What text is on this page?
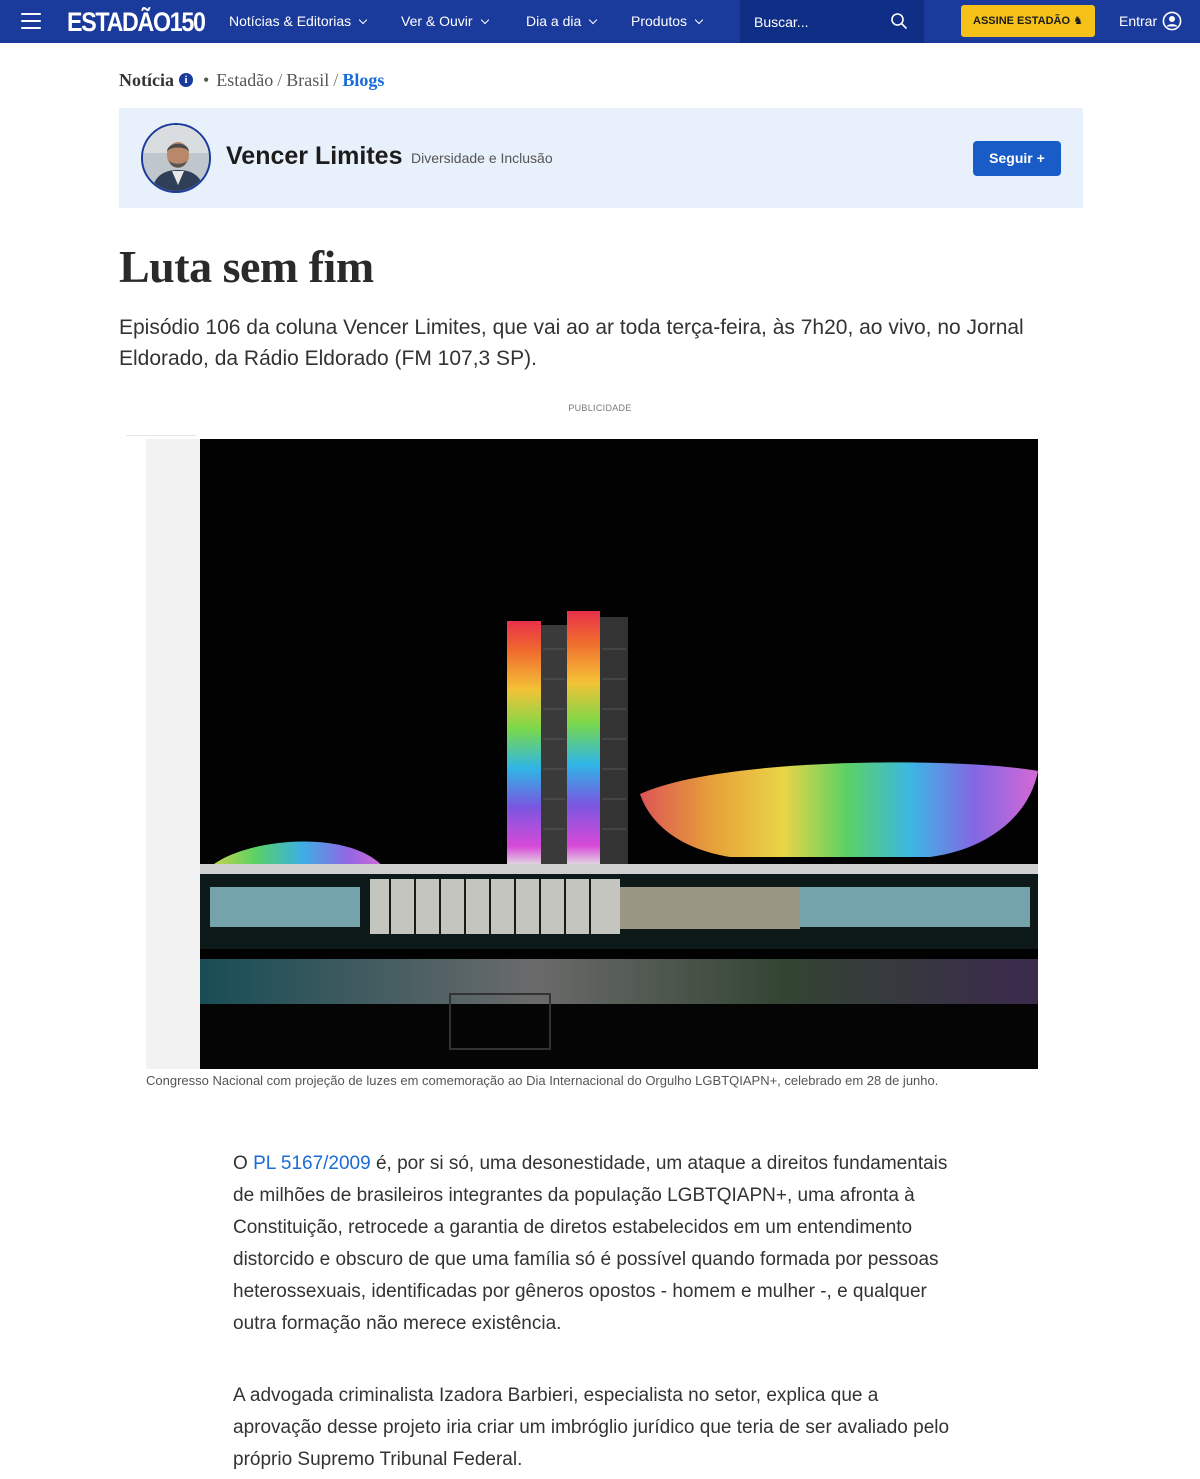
ESTADÃO150 Notícias & Editorias	Ver & Ouvir	Dia a dia	Produtos
Buscar...	ASSINE ESTADÃO ♞	Entrar
Notícia i • Estadão / Brasil / Blogs
Vencer Limites Diversidade e Inclusão	Seguir +
Luta sem fim

Episódio 106 da coluna Vencer Limites, que vai ao ar toda terça-feira, às 7h20, ao vivo, no Jornal Eldorado, da Rádio Eldorado (FM 107,3 SP).

PUBLICIDADE
Congresso Nacional com projeção de luzes em comemoração ao Dia Internacional do Orgulho LGBTQIAPN+, celebrado em 28 de junho.

O PL 5167/2009 é, por si só, uma desonestidade, um ataque a direitos fundamentais de milhões de brasileiros integrantes da população LGBTQIAPN+, uma afronta à Constituição, retrocede a garantia de diretos estabelecidos em um entendimento distorcido e obscuro de que uma família só é possível quando formada por pessoas heterossexuais, identificadas por gêneros opostos - homem e mulher -, e qualquer outra formação não merece existência.

A advogada criminalista Izadora Barbieri, especialista no setor, explica que a aprovação desse projeto iria criar um imbróglio jurídico que teria de ser avaliado pelo próprio Supremo Tribunal Federal.
